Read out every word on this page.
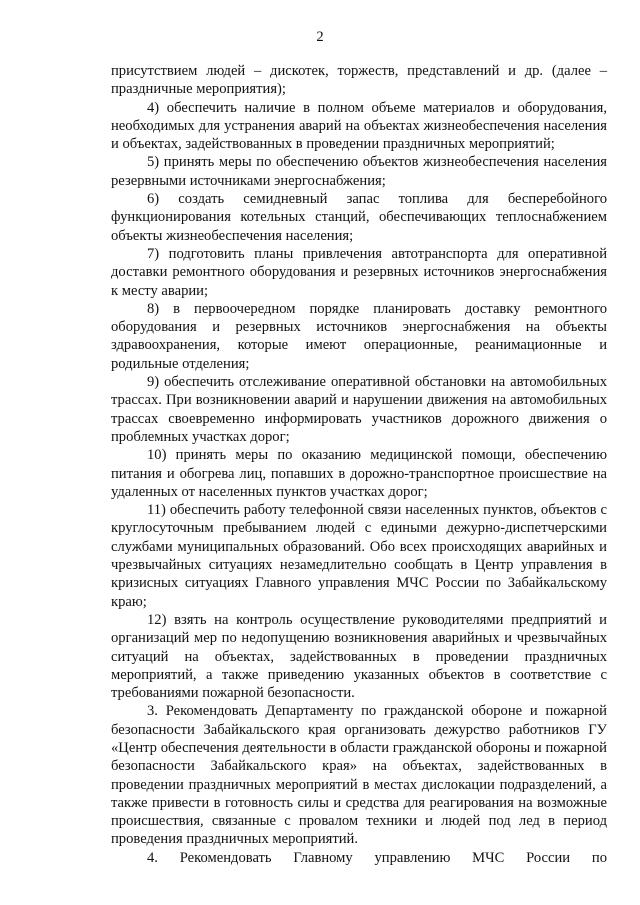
2

присутствием людей – дискотек, торжеств, представлений и др. (далее – праздничные мероприятия);

4) обеспечить наличие в полном объеме материалов и оборудования, необходимых для устранения аварий на объектах жизнеобеспечения населения и объектах, задействованных в проведении праздничных мероприятий;

5) принять меры по обеспечению объектов жизнеобеспечения населения резервными источниками энергоснабжения;

6) создать семидневный запас топлива для бесперебойного функционирования котельных станций, обеспечивающих теплоснабжением объекты жизнеобеспечения населения;

7) подготовить планы привлечения автотранспорта для оперативной доставки ремонтного оборудования и резервных источников энергоснабжения к месту аварии;

8) в первоочередном порядке планировать доставку ремонтного оборудования и резервных источников энергоснабжения на объекты здравоохранения, которые имеют операционные, реанимационные и родильные отделения;

9) обеспечить отслеживание оперативной обстановки на автомобильных трассах. При возникновении аварий и нарушении движения на автомобильных трассах своевременно информировать участников дорожного движения о проблемных участках дорог;

10) принять меры по оказанию медицинской помощи, обеспечению питания и обогрева лиц, попавших в дорожно-транспортное происшествие на удаленных от населенных пунктов участках дорог;

11) обеспечить работу телефонной связи населенных пунктов, объектов с круглосуточным пребыванием людей с едиными дежурно-диспетчерскими службами муниципальных образований. Обо всех происходящих аварийных и чрезвычайных ситуациях незамедлительно сообщать в Центр управления в кризисных ситуациях Главного управления МЧС России по Забайкальскому краю;

12) взять на контроль осуществление руководителями предприятий и организаций мер по недопущению возникновения аварийных и чрезвычайных ситуаций на объектах, задействованных в проведении праздничных мероприятий, а также приведению указанных объектов в соответствие с требованиями пожарной безопасности.

3. Рекомендовать Департаменту по гражданской обороне и пожарной безопасности Забайкальского края организовать дежурство работников ГУ «Центр обеспечения деятельности в области гражданской обороны и пожарной безопасности Забайкальского края» на объектах, задействованных в проведении праздничных мероприятий в местах дислокации подразделений, а также привести в готовность силы и средства для реагирования на возможные происшествия, связанные с провалом техники и людей под лед в период проведения праздничных мероприятий.

4. Рекомендовать Главному управлению МЧС России по
